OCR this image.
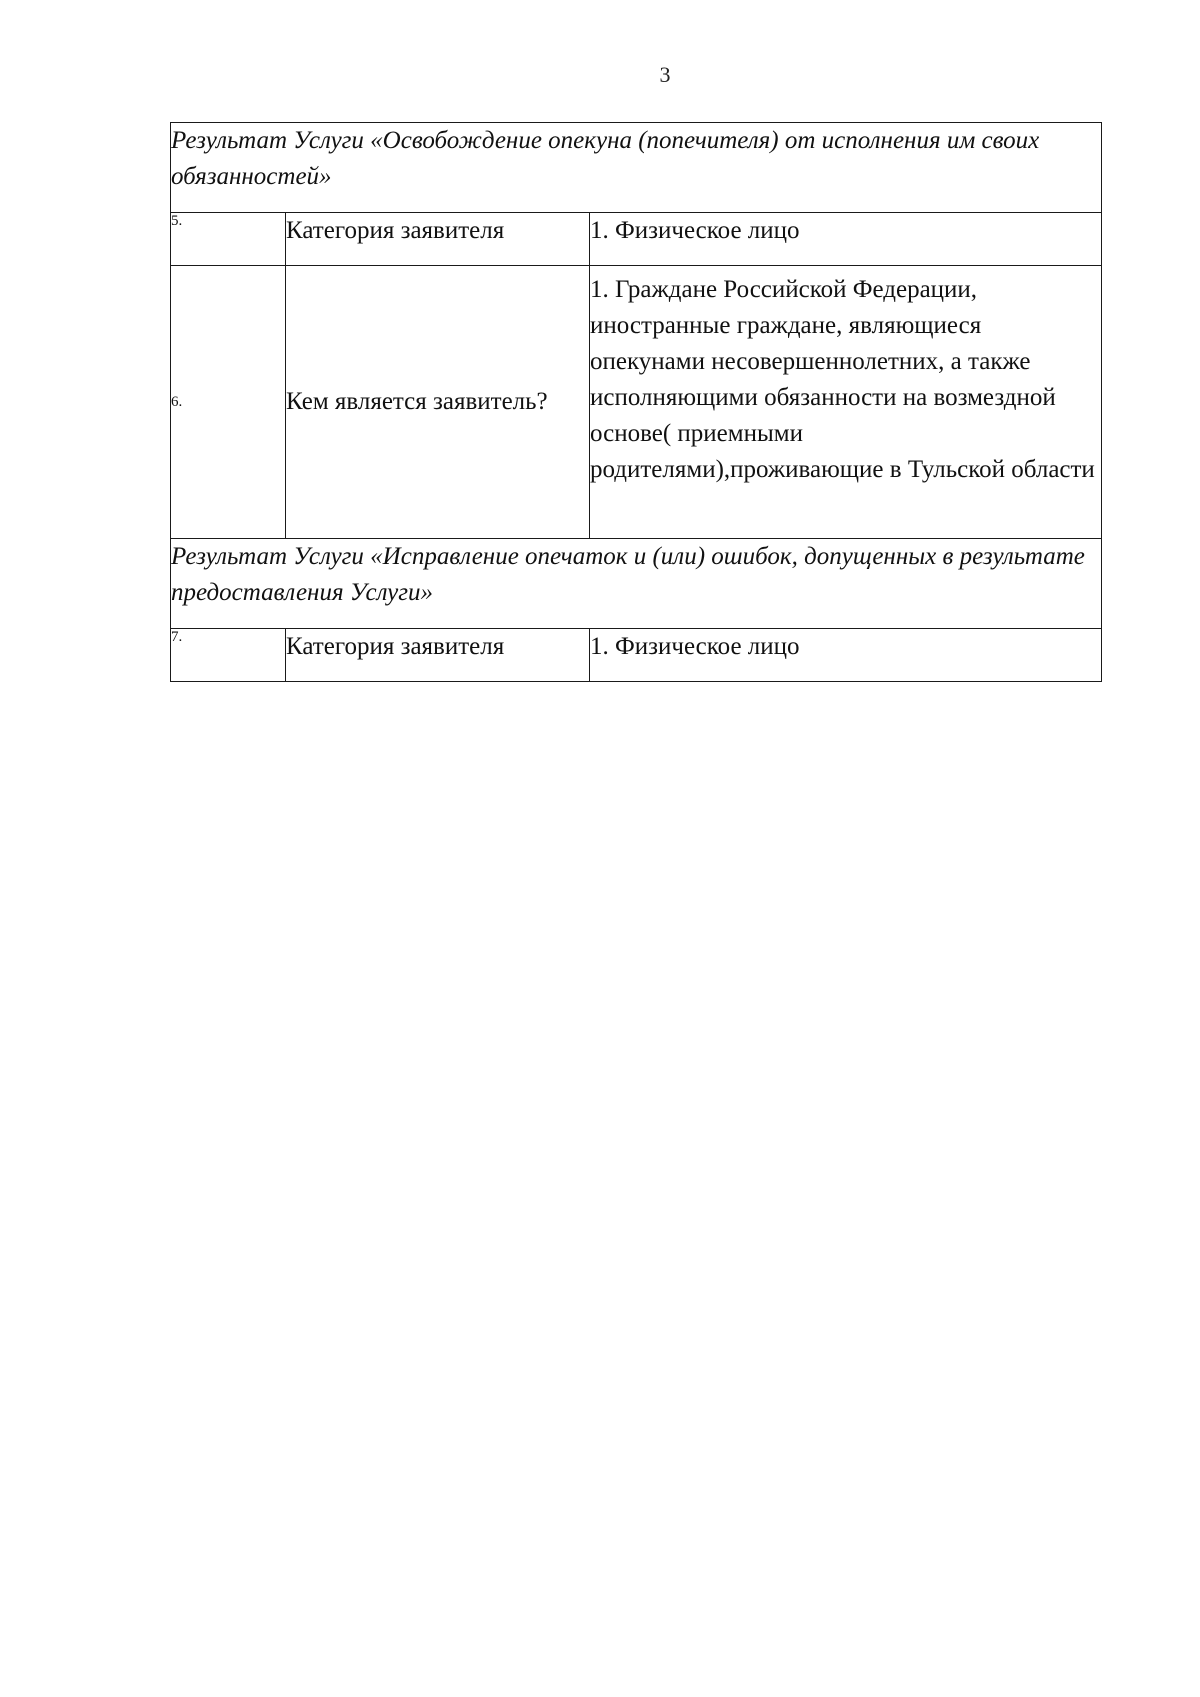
3
Результат Услуги «Освобождение опекуна (попечителя) от исполнения им своих обязанностей»		
5.	Категория заявителя	1. Физическое лицо
6.	Кем является заявитель?	1. Граждане Российской Федерации, иностранные граждане, являющиеся опекунами несовершеннолетних, а также исполняющими обязанности на возмездной основе( приемными родителями),проживающие в Тульской области
Результат Услуги «Исправление опечаток и (или) ошибок, допущенных в результате предоставления Услуги»		
7.	Категория заявителя	1. Физическое лицо
